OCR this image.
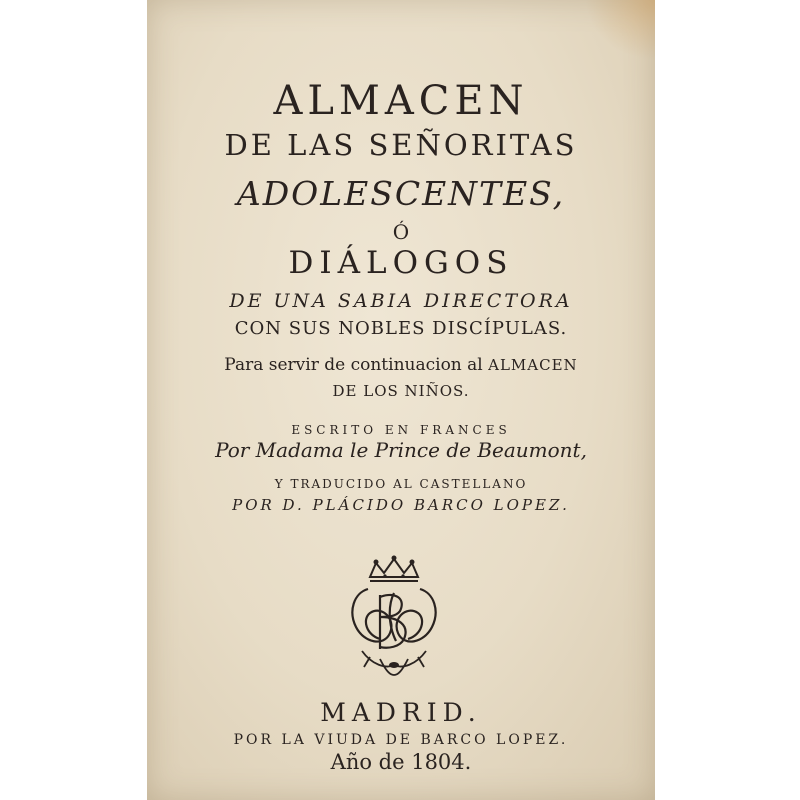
ALMACEN
DE LAS SEÑORITAS
ADOLESCENTES,
Ó
DIÁLOGOS
DE UNA SABIA DIRECTORA
CON SUS NOBLES DISCÍPULAS.
Para servir de continuacion al ALMACEN
DE LOS NIÑOS.
ESCRITO EN FRANCES
Por Madama le Prince de Beaumont,
Y TRADUCIDO AL CASTELLANO
POR D. PLÁCIDO BARCO LOPEZ.
MADRID.
POR LA VIUDA DE BARCO LOPEZ.
Año de 1804.
